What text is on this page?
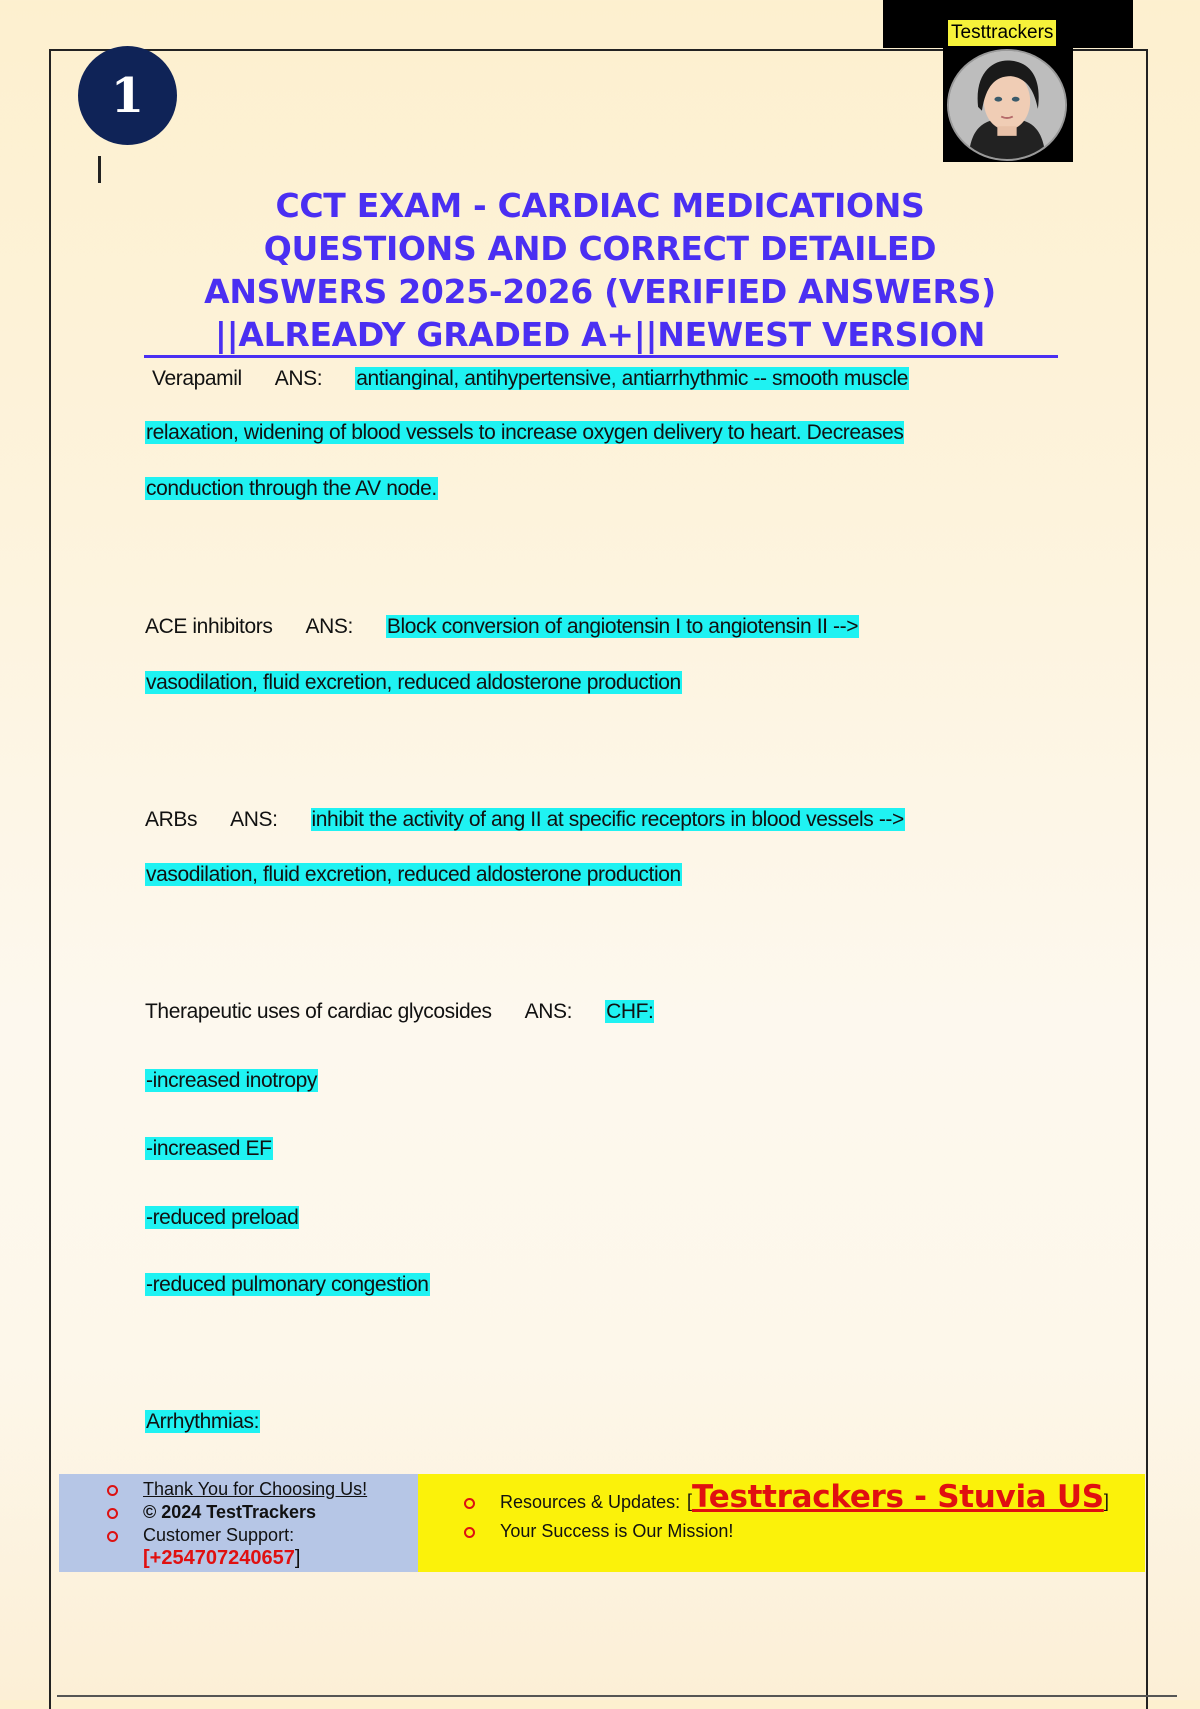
1
Testtrackers
CCT EXAM - CARDIAC MEDICATIONS
QUESTIONS AND CORRECT DETAILED
ANSWERS 2025-2026 (VERIFIED ANSWERS)
||ALREADY GRADED A+||NEWEST VERSION
Verapamil ANS: antianginal, antihypertensive, antiarrhythmic -- smooth muscle
relaxation, widening of blood vessels to increase oxygen delivery to heart. Decreases
conduction through the AV node.
ACE inhibitors ANS: Block conversion of angiotensin I to angiotensin II -->
vasodilation, fluid excretion, reduced aldosterone production
ARBs ANS: inhibit the activity of ang II at specific receptors in blood vessels -->
vasodilation, fluid excretion, reduced aldosterone production
Therapeutic uses of cardiac glycosides ANS: CHF:
-increased inotropy
-increased EF
-reduced preload
-reduced pulmonary congestion
Arrhythmias:
Thank You for Choosing Us!
© 2024 TestTrackers
Customer Support:
[+254707240657]
Resources & Updates: [Testtrackers - Stuvia US]
Your Success is Our Mission!
